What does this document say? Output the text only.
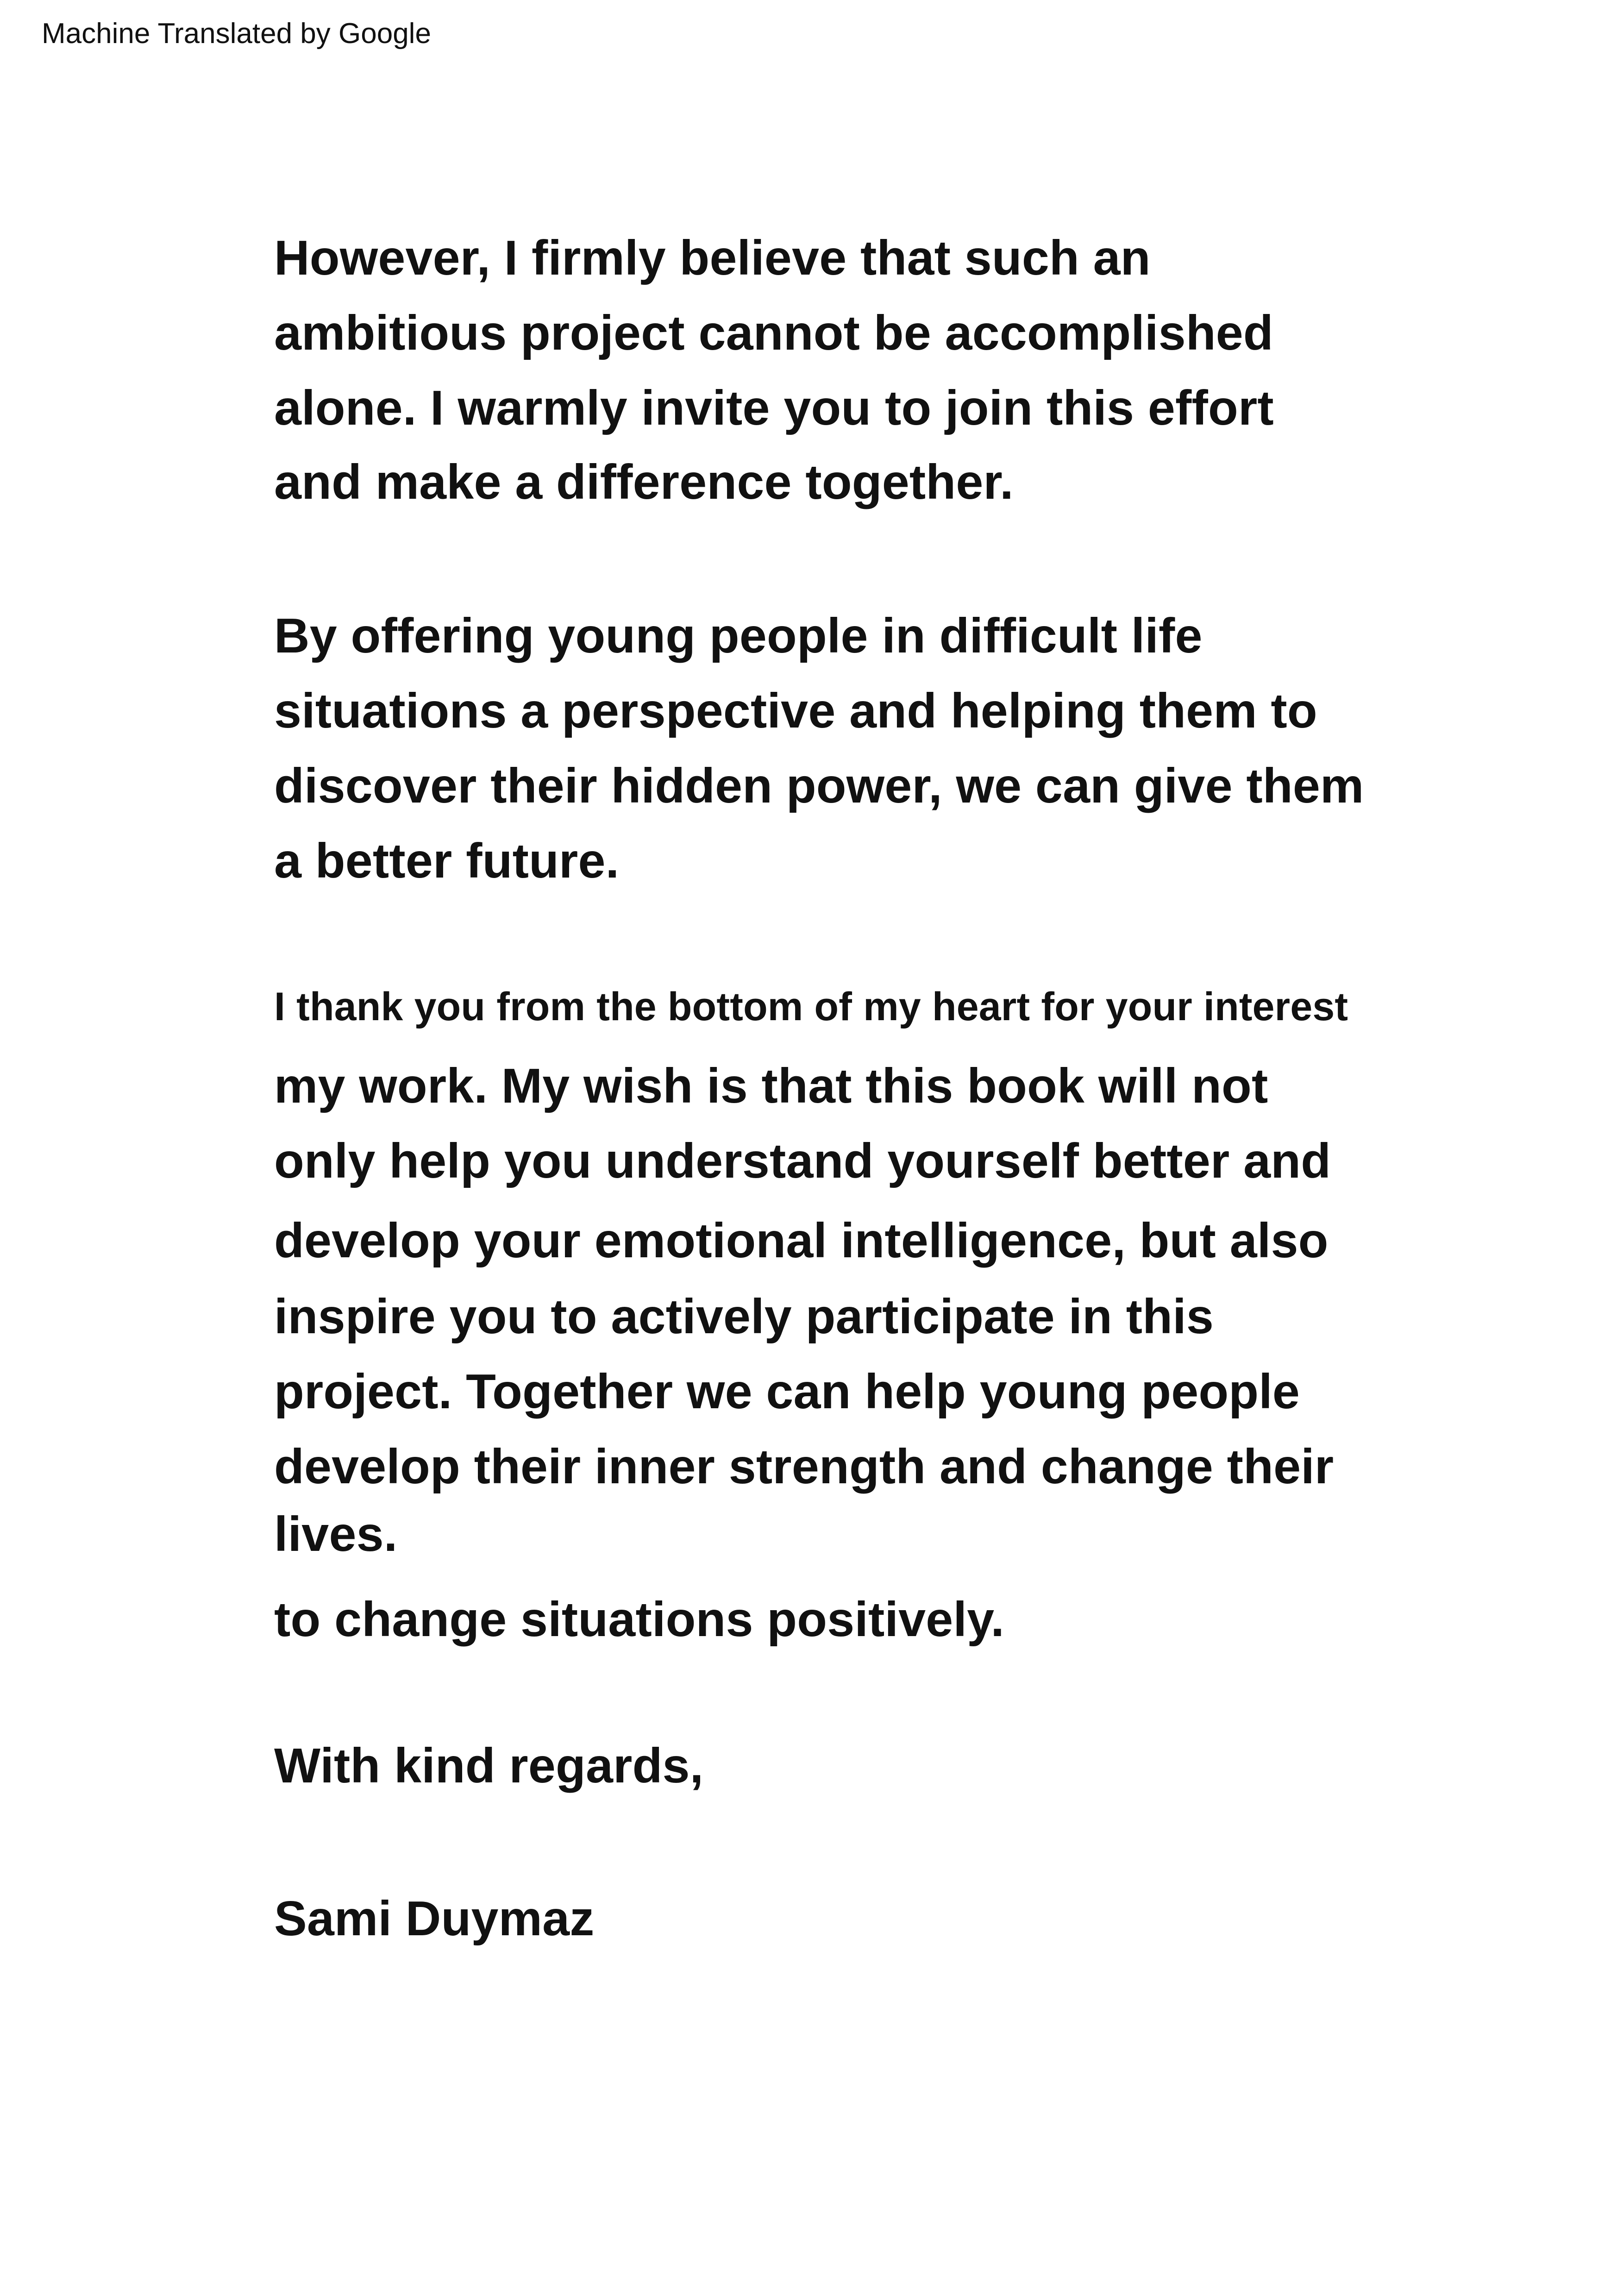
Machine Translated by Google
However, I firmly believe that such an
ambitious project cannot be accomplished
alone. I warmly invite you to join this effort
and make a difference together.
By offering young people in difficult life
situations a perspective and helping them to
discover their hidden power, we can give them
a better future.
I thank you from the bottom of my heart for your interest
my work. My wish is that this book will not
only help you understand yourself better and
develop your emotional intelligence, but also
inspire you to actively participate in this
project. Together we can help young people
develop their inner strength and change their
lives.
to change situations positively.
With kind regards,
Sami Duymaz
